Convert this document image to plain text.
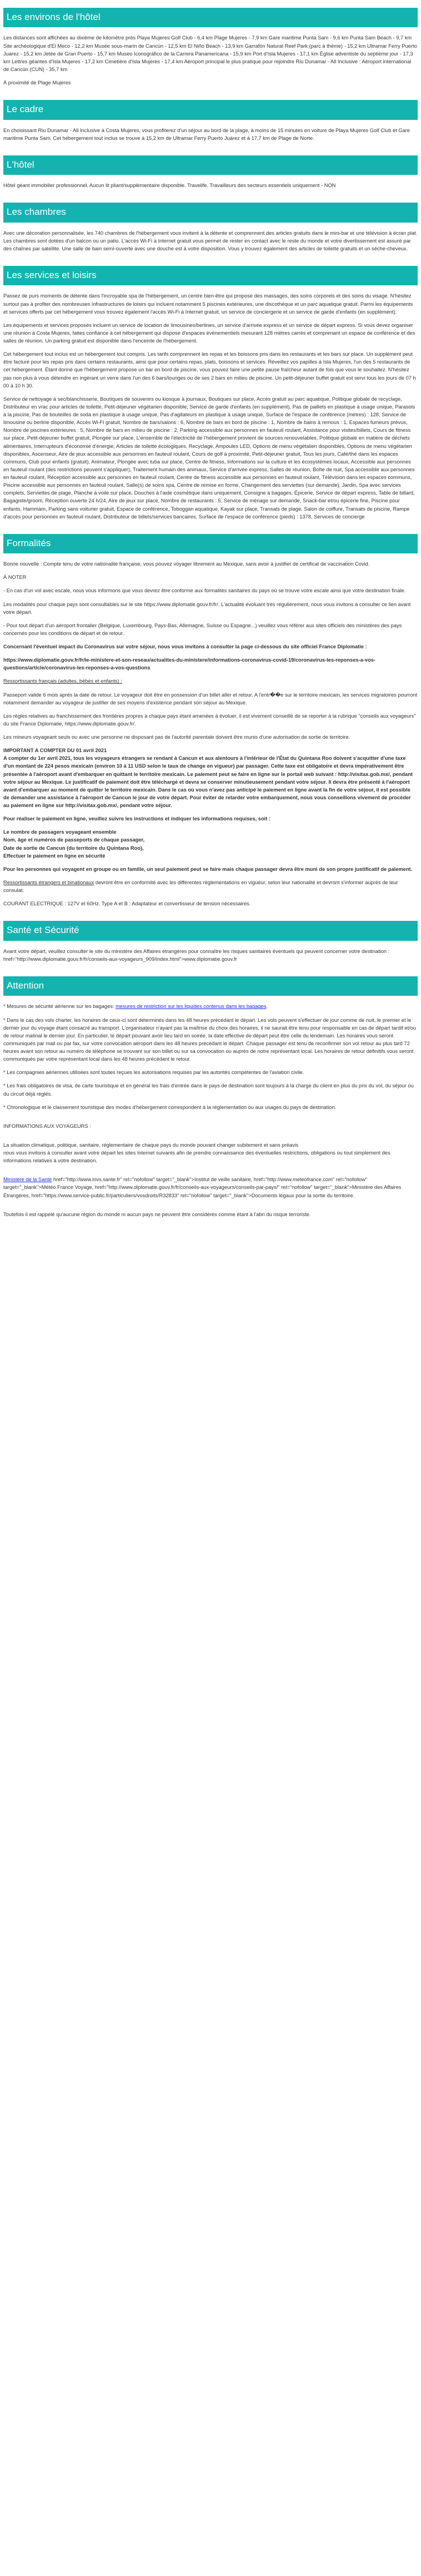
Les environs de l'hôtel

Les distances sont affichées au dixième de kilomètre près Playa Mujeres Golf Club - 6,4 km Plage Mujeres - 7,9 km Gare maritime Punta Sam - 9,6 km Punta Sam Beach - 9,7 km Site archéologique d'El Meco - 12,2 km Musée sous-marin de Cancún - 12,5 km El Niño Beach - 13,9 km Garrafón Natural Reef Park (parc à thème) - 15,2 km Ultramar Ferry Puerto Juarez - 15,2 km Jetée de Gran Puerto - 15,7 km Museo Iconográfico de la Carrera Panamericana - 15,9 km Port d'Isla Mujeres - 17,1 km Église adventiste du septième jour - 17,3 km Lettres géantes d'Isla Mujeres - 17,2 km Cimetière d'Isla Mujeres - 17,4 km Aéroport principal le plus pratique pour rejoindre Riu Dunamar - All Inclusive : Aéroport international de Cancún (CUN) - 35,7 km

À proximité de Plage Mujeres

Le cadre

En choisissant Riu Dunamar - All Inclusive à Costa Mujeres, vous profiterez d'un séjour au bord de la plage, à moins de 15 minutes en voiture de Playa Mujeres Golf Club et Gare maritime Punta Sam. Cet hébergement tout inclus se trouve à 15,2 km de Ultramar Ferry Puerto Juárez et à 17,7 km de Plage de Norte.

L'hôtel

Hôtel géant immobilier professionnel. Aucun lit pliant/supplémentaire disponible. Travelife. Travailleurs des secteurs essentiels uniquement - NON

Les chambres

Avec une décoration personnalisée, les 740 chambres de l'hébergement vous invitent à la détente et comprennent des articles gratuits dans le mini-bar et une télévision à écran plat. Les chambres sont dotées d'un balcon ou un patio. L'accès Wi-Fi à Internet gratuit vous permet de rester en contact avec le reste du monde et votre divertissement est assuré par des chaînes par satellite. Une salle de bain semi-ouverte avec une douche est à votre disposition. Vous y trouvez également des articles de toilette gratuits et un sèche-cheveux.

Les services et loisirs

Passez de purs moments de détente dans l'incroyable spa de l'hébergement, un centre bien-être qui propose des massages, des soins corporels et des soins du visage. N'hésitez surtout pas à profiter des nombreuses infrastructures de loisirs qui incluent notamment 5 piscines extérieures, une discothèque et un parc aquatique gratuit. Parmi les équipements et services offerts par cet hébergement vous trouvez également l'accès Wi-Fi à Internet gratuit, un service de conciergerie et un service de garde d'enfants (en supplément).

Les équipements et services proposés incluent un service de location de limousines/berlines, un service d'arrivée express et un service de départ express. Si vous devez organiser une réunion à Costa Mujeres, faites confiance à cet hébergement qui dispose d'espaces événementiels mesurant 128 mètres carrés et comprenant un espace de conférence et des salles de réunion. Un parking gratuit est disponible dans l'enceinte de l'hébergement.

Cet hébergement tout inclus est un hébergement tout compris. Les tarifs comprennent les repas et les boissons pris dans les restaurants et les bars sur place. Un supplément peut être facturé pour les repas pris dans certains restaurants, ainsi que pour certains repas, plats, boissons et services. Réveillez vos papilles à Isla Mujeres, l'un des 5 restaurants de cet hébergement. Étant donné que l'hébergement propose un bar en bord de piscine, vous pouvez faire une petite pause fraîcheur autant de fois que vous le souhaitez. N'hésitez pas non plus à vous détendre en ingérant un verre dans l'un des 6 bars/lounges ou de ses 2 bars en milieu de piscine. Un petit-déjeuner buffet gratuit est servi tous les jours de 07 h 00 à 10 h 30.

Service de nettoyage à sec/blanchisserie, Boutiques de souvenirs ou kiosque à journaux, Boutiques sur place, Accès gratuit au parc aquatique, Politique globale de recyclage, Distributeur en vrac pour articles de toilette, Petit-déjeuner végétarien disponible, Service de garde d'enfants (en supplément), Pas de paillets en plastique à usage unique, Parasols à la piscine, Pas de bouteilles de soda en plastique à usage unique, Pas d'agitateurs en plastique à usage unique, Surface de l'espace de conférence (mètres) : 128, Service de limousine ou berline disponible, Accès Wi-Fi gratuit, Nombre de bars/salons : 6, Nombre de bars en bord de piscine : 1, Nombre de bains à remous : 1, Espaces fumeurs prévus, Nombre de piscines extérieures : 5, Nombre de bars en milieu de piscine : 2, Parking accessible aux personnes en fauteuil roulant, Assistance pour visites/billets, Cours de fitness sur place, Petit-déjeuner buffet gratuit, Plongée sur place, L'ensemble de l'électricité de l'hébergement provient de sources renouvelables, Politique globale en matière de déchets alimentaires, Interrupteurs d'économie d'énergie, Articles de toilette écologiques, Recyclage, Ampoules LED, Options de menu végétalien disponibles, Options de menu végétarien disponibles, Ascenseur, Aire de jeux accessible aux personnes en fauteuil roulant, Cours de golf à proximité, Petit-déjeuner gratuit, Tous les jours, Café/thé dans les espaces communs, Club pour enfants (gratuit), Animateur, Plongée avec tuba sur place, Centre de fitness, Informations sur la culture et les écosystèmes locaux, Accessible aux personnes en fauteuil roulant (des restrictions peuvent s'appliquer), Traitement humain des animaux, Service d'arrivée express, Salles de réunion, Boîte de nuit, Spa accessible aux personnes en fauteuil roulant, Réception accessible aux personnes en fauteuil roulant, Centre de fitness accessible aux personnes en fauteuil roulant, Télévision dans les espaces communs, Piscine accessible aux personnes en fauteuil roulant, Salle(s) de soins spa, Centre de remise en forme, Changement des serviettes (sur demande), Jardin, Spa avec services complets, Serviettes de plage, Planche à voile sur place, Douches à l'aide cosmétique dans uniquement, Consigne à bagages, Épicerie, Service de départ express, Table de billard, Bagagiste/groom, Réception ouverte 24 h/24, Aire de jeux sur place, Nombre de restaurants : 5, Service de ménage sur demande, Snack-bar et/ou épicerie fine, Piscine pour enfants, Hammam, Parking sans voiturier gratuit, Espace de conférence, Toboggan aquatique, Kayak sur place, Transats de plage, Salon de coiffure, Transats de piscine, Rampe d'accès pour personnes en fauteuil roulant, Distributeur de billets/services bancaires, Surface de l'espace de conférence (pieds) : 1378, Services de concierge

Formalités

Bonne nouvelle : Compte tenu de votre nationalité française, vous pouvez voyager librement au Mexique, sans avoir à justifier de certificat de vaccination Covid.

À NOTER

- En cas d'un vol avec escale, nous vous informons que vous devrez être conforme aux formalités sanitaires du pays où se trouve votre escale ainsi que votre destination finale.

Les modalités pour chaque pays sont consultables sur le site https://www.diplomatie.gouv.fr/fr/. L'actualité évoluant très régulièrement, nous vous invitons à consulter ce lien avant votre départ.

- Pour tout départ d'un aéroport frontalier (Belgique, Luxembourg, Pays-Bas, Allemagne, Suisse ou Espagne...) veuillez vous référer aux sites officiels des ministères des pays concernés pour les conditions de départ et de retour.

Concernant l'éventuel impact du Coronavirus sur votre séjour, nous vous invitons à consulter la page ci-dessous du site officiel France Diplomatie :

https://www.diplomatie.gouv.fr/fr/le-ministere-et-son-reseau/actualites-du-ministere/informations-coronavirus-covid-19/coronavirus-les-reponses-a-vos-questions/article/coronavirus-les-reponses-a-vos-questions

Ressortissants français (adultes, bébés et enfants) :

Passeport valide 6 mois après la date de retour. Le voyageur doit être en possession d'un billet aller et retour. A l'entr��e sur le territoire mexicain, les services migratoires pourront notamment demander au voyageur de justifier de ses moyens d'existence pendant son séjour au Mexique.

Les règles relatives au franchissement des frontières propres à chaque pays étant amenées à évoluer, il est vivement conseillé de se reporter à la rubrique "conseils aux voyageurs" du site France Diplomatie, https://www.diplomatie.gouv.fr/.

Les mineurs voyageant seuls ou avec une personne ne disposant pas de l'autorité parentale doivent être munis d'une autorisation de sortie de territoire.

IMPORTANT A COMPTER DU 01 avril 2021
A compter du 1er avril 2021, tous les voyageurs étrangers se rendant à Cancun et aux alentours à l'intérieur de l'État du Quintana Roo doivent s'acquitter d'une taxe d'un montant de 224 pesos mexicain (environ 10 à 11 USD selon le taux de change en vigueur) par passager. Cette taxe est obligatoire et devra impérativement être présentée à l'aéroport avant d'embarquer en quittant le territoire mexicain. Le paiement peut se faire en ligne sur le portail web suivant : http://visitax.gob.mx/, pendant votre séjour au Mexique. Le justificatif de paiement doit être téléchargé et devra se conserver minutieusement pendant votre séjour. Il devra être présenté à l'aéroport avant d'embarquer au moment de quitter le territoire mexicain. Dans le cas où vous n'avez pas anticipé le paiement en ligne avant la fin de votre séjour, il est possible de demander une assistance à l'aéroport de Cancun le jour de votre départ. Pour éviter de retarder votre embarquement, nous vous conseillons vivement de procéder au paiement en ligne sur http://visitax.gob.mx/, pendant votre séjour.

Pour réaliser le paiement en ligne, veuillez suivre les instructions et indiquer les informations requises, soit :

Le nombre de passagers voyageant ensemble
Nom, âge et numéros de passeports de chaque passager,
Date de sortie de Cancun (du territoire du Quintana Roo),
Effectuer le paiement en ligne en sécurité

Pour les personnes qui voyagent en groupe ou en famille, un seul paiement peut se faire mais chaque passager devra être muni de son propre justificatif de paiement.

Ressortissants étrangers et binationaux devront être en conformité avec les différentes réglementations en vigueur, selon leur nationalité et devront s'informer auprès de leur consulat.

COURANT ELECTRIQUE : 127V et 60Hz. Type A et B : Adaptateur et convertisseur de tension nécessaires.

Santé et Sécurité

Avant votre départ, veuillez consulter le site du ministère des Affaires étrangères pour connaître les risques sanitaires éventuels qui peuvent concerner votre destination : href="http://www.diplomatie.gouv.fr/fr/conseils-aux-voyageurs_909/index.html">www.diplomatie.gouv.fr

Attention

* Mesures de sécurité aérienne sur les bagages: mesures de restriction sur les liquides contenus dans les bagages.

* Dans le cas des vols charter, les horaires de ceux-ci sont déterminés dans les 48 heures précédant le départ. Les vols peuvent s'effectuer de jour comme de nuit, le premier et le dernier jour du voyage étant consacré au transport. L'organisateur n'ayant pas la maîtrise du choix des horaires, il ne saurait être tenu pour responsable en cas de départ tardif et/ou de retour matinal le dernier jour. En particulier, le départ pouvant avoir lieu tard en soirée, la date effective de départ peut être celle du lendemain. Les horaires vous seront communiqués par mail ou par fax, sur votre convocation aéroport dans les 48 heures précédant le départ. Chaque passager est tenu de reconfirmer son vol retour au plus tard 72 heures avant son retour au numéro de téléphone se trouvant sur son billet ou sur sa convocation ou auprès de notre représentant local. Les horaires de retour définitifs vous seront communiqués par votre représentant local dans les 48 heures précédant le retour.

* Les compagnies aériennes utilisées sont toutes reçues les autorisations requises par les autorités compétentes de l'aviation civile.

* Les frais obligatoires de visa, de carte touristique et en général les frais d'entrée dans le pays de destination sont toujours à la charge du client en plus du prix du vol, du séjour ou du circuit déjà réglés.

* Chronologique et le classement touristique des modes d'hébergement correspondent à la réglementation ou aux usages du pays de destination.

INFORMATIONS AUX VOYAGEURS :

La situation climatique, politique, sanitaire, réglementaire de chaque pays du monde pouvant changer subitement et sans préavis
nous vous invitons à consulter avant votre départ les sites Internet suivants afin de prendre connaissance des éventuelles restrictions, obligations ou tout simplement des informations relatives à votre destination.

Ministère de la Santé href="http://www.invs.sante.fr" rel="nofollow" target="_blank">Institut de veille sanitaire, href="http://www.meteofrance.com" rel="nofollow" target="_blank">Météo France Voyage, href="http://www.diplomatie.gouv.fr/fr/conseils-aux-voyageurs/conseils-par-pays/" rel="nofollow" target="_blank">Ministère des Affaires Étrangères, href="https://www.service-public.fr/particuliers/vosdroits/R32833" rel="nofollow" target="_blank">Documents légaux pour la sortie du territoire.

Toutefois il est rappelé qu'aucune région du monde ni aucun pays ne peuvent être considérés comme étant à l'abri du risque terroriste.
